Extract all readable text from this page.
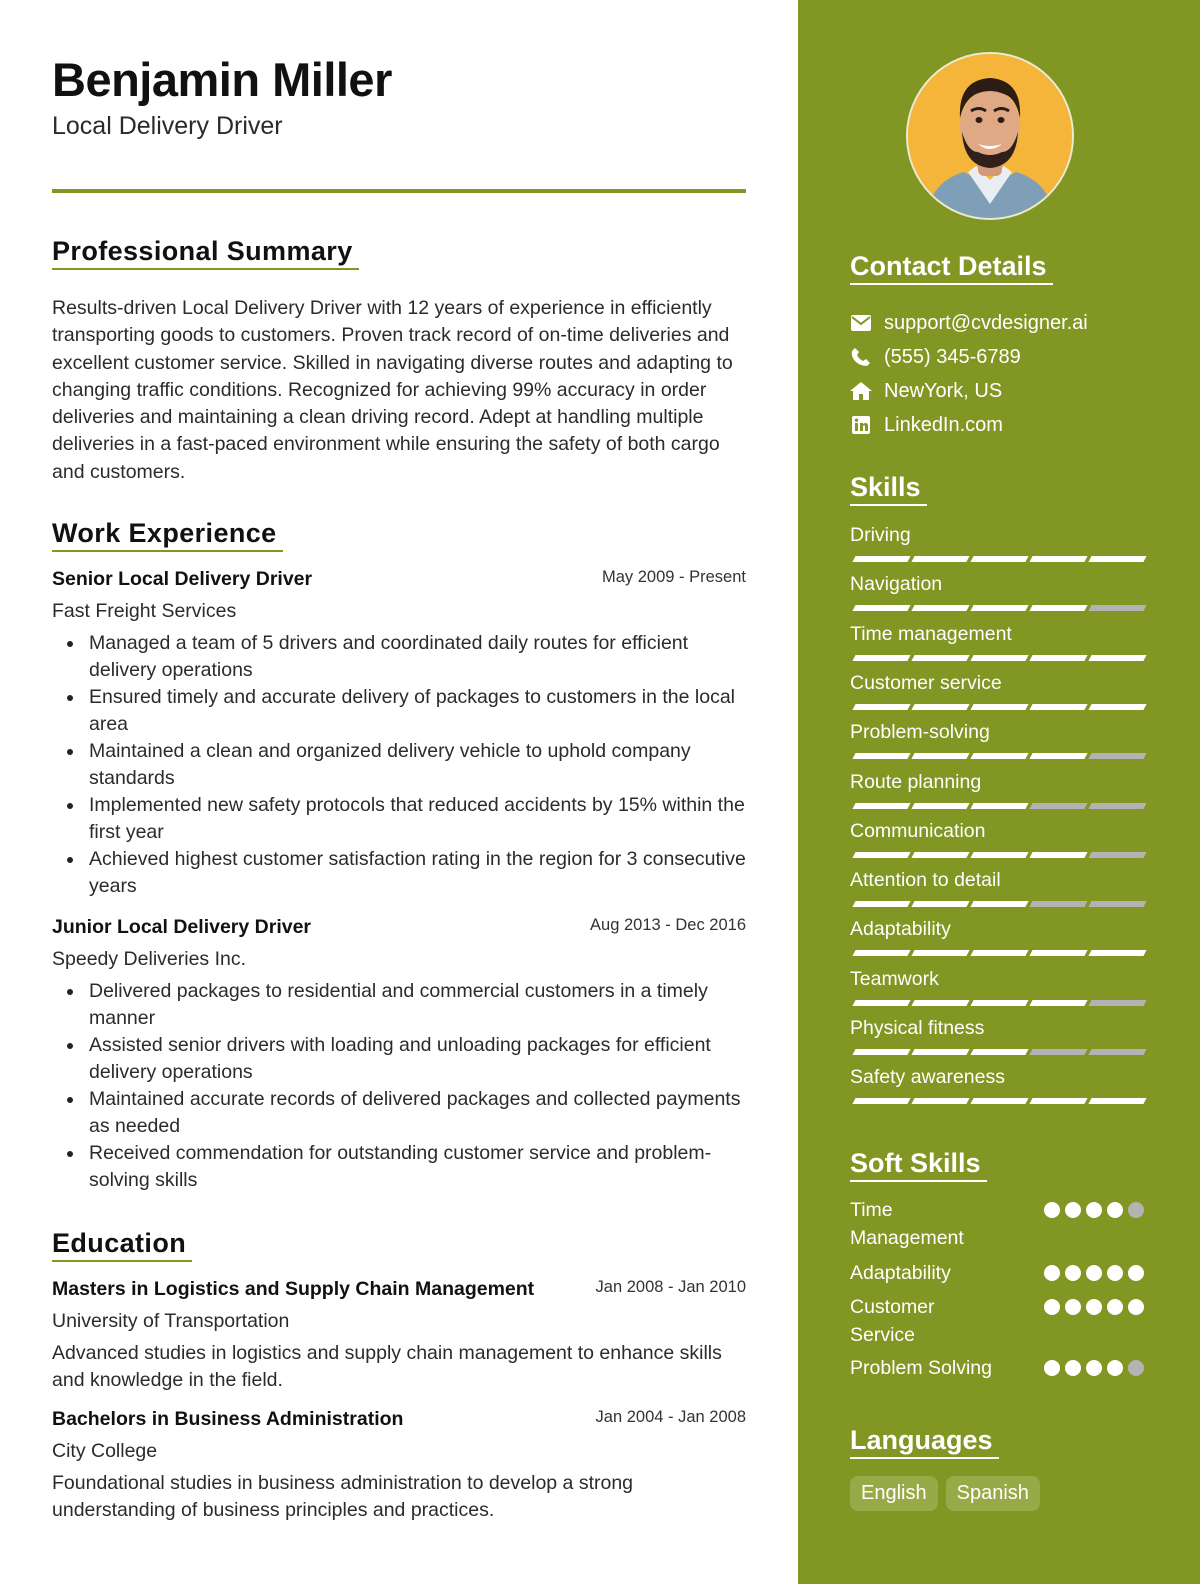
Benjamin Miller
Local Delivery Driver
Professional Summary
Results-driven Local Delivery Driver with 12 years of experience in efficiently transporting goods to customers. Proven track record of on-time deliveries and excellent customer service. Skilled in navigating diverse routes and adapting to changing traffic conditions. Recognized for achieving 99% accuracy in order deliveries and maintaining a clean driving record. Adept at handling multiple deliveries in a fast-paced environment while ensuring the safety of both cargo and customers.
Work Experience
Senior Local Delivery Driver	May 2009 - Present
Fast Freight Services
Managed a team of 5 drivers and coordinated daily routes for efficient delivery operations
Ensured timely and accurate delivery of packages to customers in the local area
Maintained a clean and organized delivery vehicle to uphold company standards
Implemented new safety protocols that reduced accidents by 15% within the first year
Achieved highest customer satisfaction rating in the region for 3 consecutive years
Junior Local Delivery Driver	Aug 2013 - Dec 2016
Speedy Deliveries Inc.
Delivered packages to residential and commercial customers in a timely manner
Assisted senior drivers with loading and unloading packages for efficient delivery operations
Maintained accurate records of delivered packages and collected payments as needed
Received commendation for outstanding customer service and problem-solving skills
Education
Masters in Logistics and Supply Chain Management	Jan 2008 - Jan 2010
University of Transportation
Advanced studies in logistics and supply chain management to enhance skills and knowledge in the field.
Bachelors in Business Administration	Jan 2004 - Jan 2008
City College
Foundational studies in business administration to develop a strong understanding of business principles and practices.
Contact Details
support@cvdesigner.ai
(555) 345-6789
NewYork, US
LinkedIn.com
Skills
Driving
Navigation
Time management
Customer service
Problem-solving
Route planning
Communication
Attention to detail
Adaptability
Teamwork
Physical fitness
Safety awareness
Soft Skills
Time Management
Adaptability
Customer Service
Problem Solving
Languages
English	Spanish
